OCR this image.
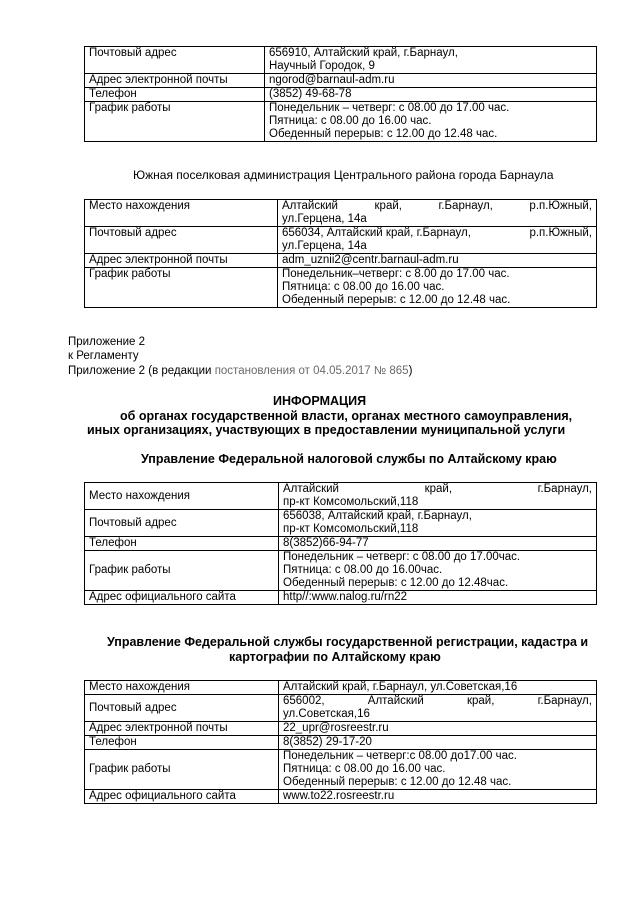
Почтовый адрес	656910, Алтайский край, г.Барнаул,
Научный Городок, 9

Адрес электронной почты	ngorod@barnaul-adm.ru

Телефон	(3852) 49-68-78

График работы	Понедельник – четверг: с 08.00 до 17.00 час.
Пятница: с 08.00 до 16.00 час.
Обеденный перерыв: с 12.00 до 12.48 час.
Южная поселковая администрация Центрального района города Барнаула
Место нахождения	Алтайский край, г.Барнаул, р.п.Южный,
ул.Герцена, 14а

Почтовый адрес	656034, Алтайский край, г.Барнаул, р.п.Южный,
ул.Герцена, 14а

Адрес электронной почты	adm_uznii2@centr.barnaul-adm.ru

График работы	Понедельник–четверг: с 8.00 до 17.00 час.
Пятница: с 08.00 до 16.00 час.
Обеденный перерыв: с 12.00 до 12.48 час.
Приложение 2
к Регламенту
Приложение 2 (в редакции постановления от 04.05.2017 № 865)
ИНФОРМАЦИЯ
об органах государственной власти, органах местного самоуправления,
иных организациях, участвующих в предоставлении муниципальной услуги
Управление Федеральной налоговой службы по Алтайскому краю
Место нахождения	Алтайский край, г.Барнаул,
пр-кт Комсомольский,118

Почтовый адрес	656038, Алтайский край, г.Барнаул,
пр-кт Комсомольский,118

Телефон	8(3852)66-94-77

График работы	Понедельник – четверг: с 08.00 до 17.00час.
Пятница: с 08.00 до 16.00час.
Обеденный перерыв: с 12.00 до 12.48час.

Адрес официального сайта	http//:www.nalog.ru/rn22
Управление Федеральной службы государственной регистрации, кадастра и
картографии по Алтайскому краю
Место нахождения	Алтайский край, г.Барнаул, ул.Советская,16

Почтовый адрес	656002, Алтайский край, г.Барнаул,
ул.Советская,16

Адрес электронной почты	22_upr@rosreestr.ru

Телефон	8(3852) 29-17-20

График работы	Понедельник – четверг:с 08.00 до17.00 час.
Пятница: с 08.00 до 16.00 час.
Обеденный перерыв: с 12.00 до 12.48 час.

Адрес официального сайта	www.to22.rosreestr.ru
